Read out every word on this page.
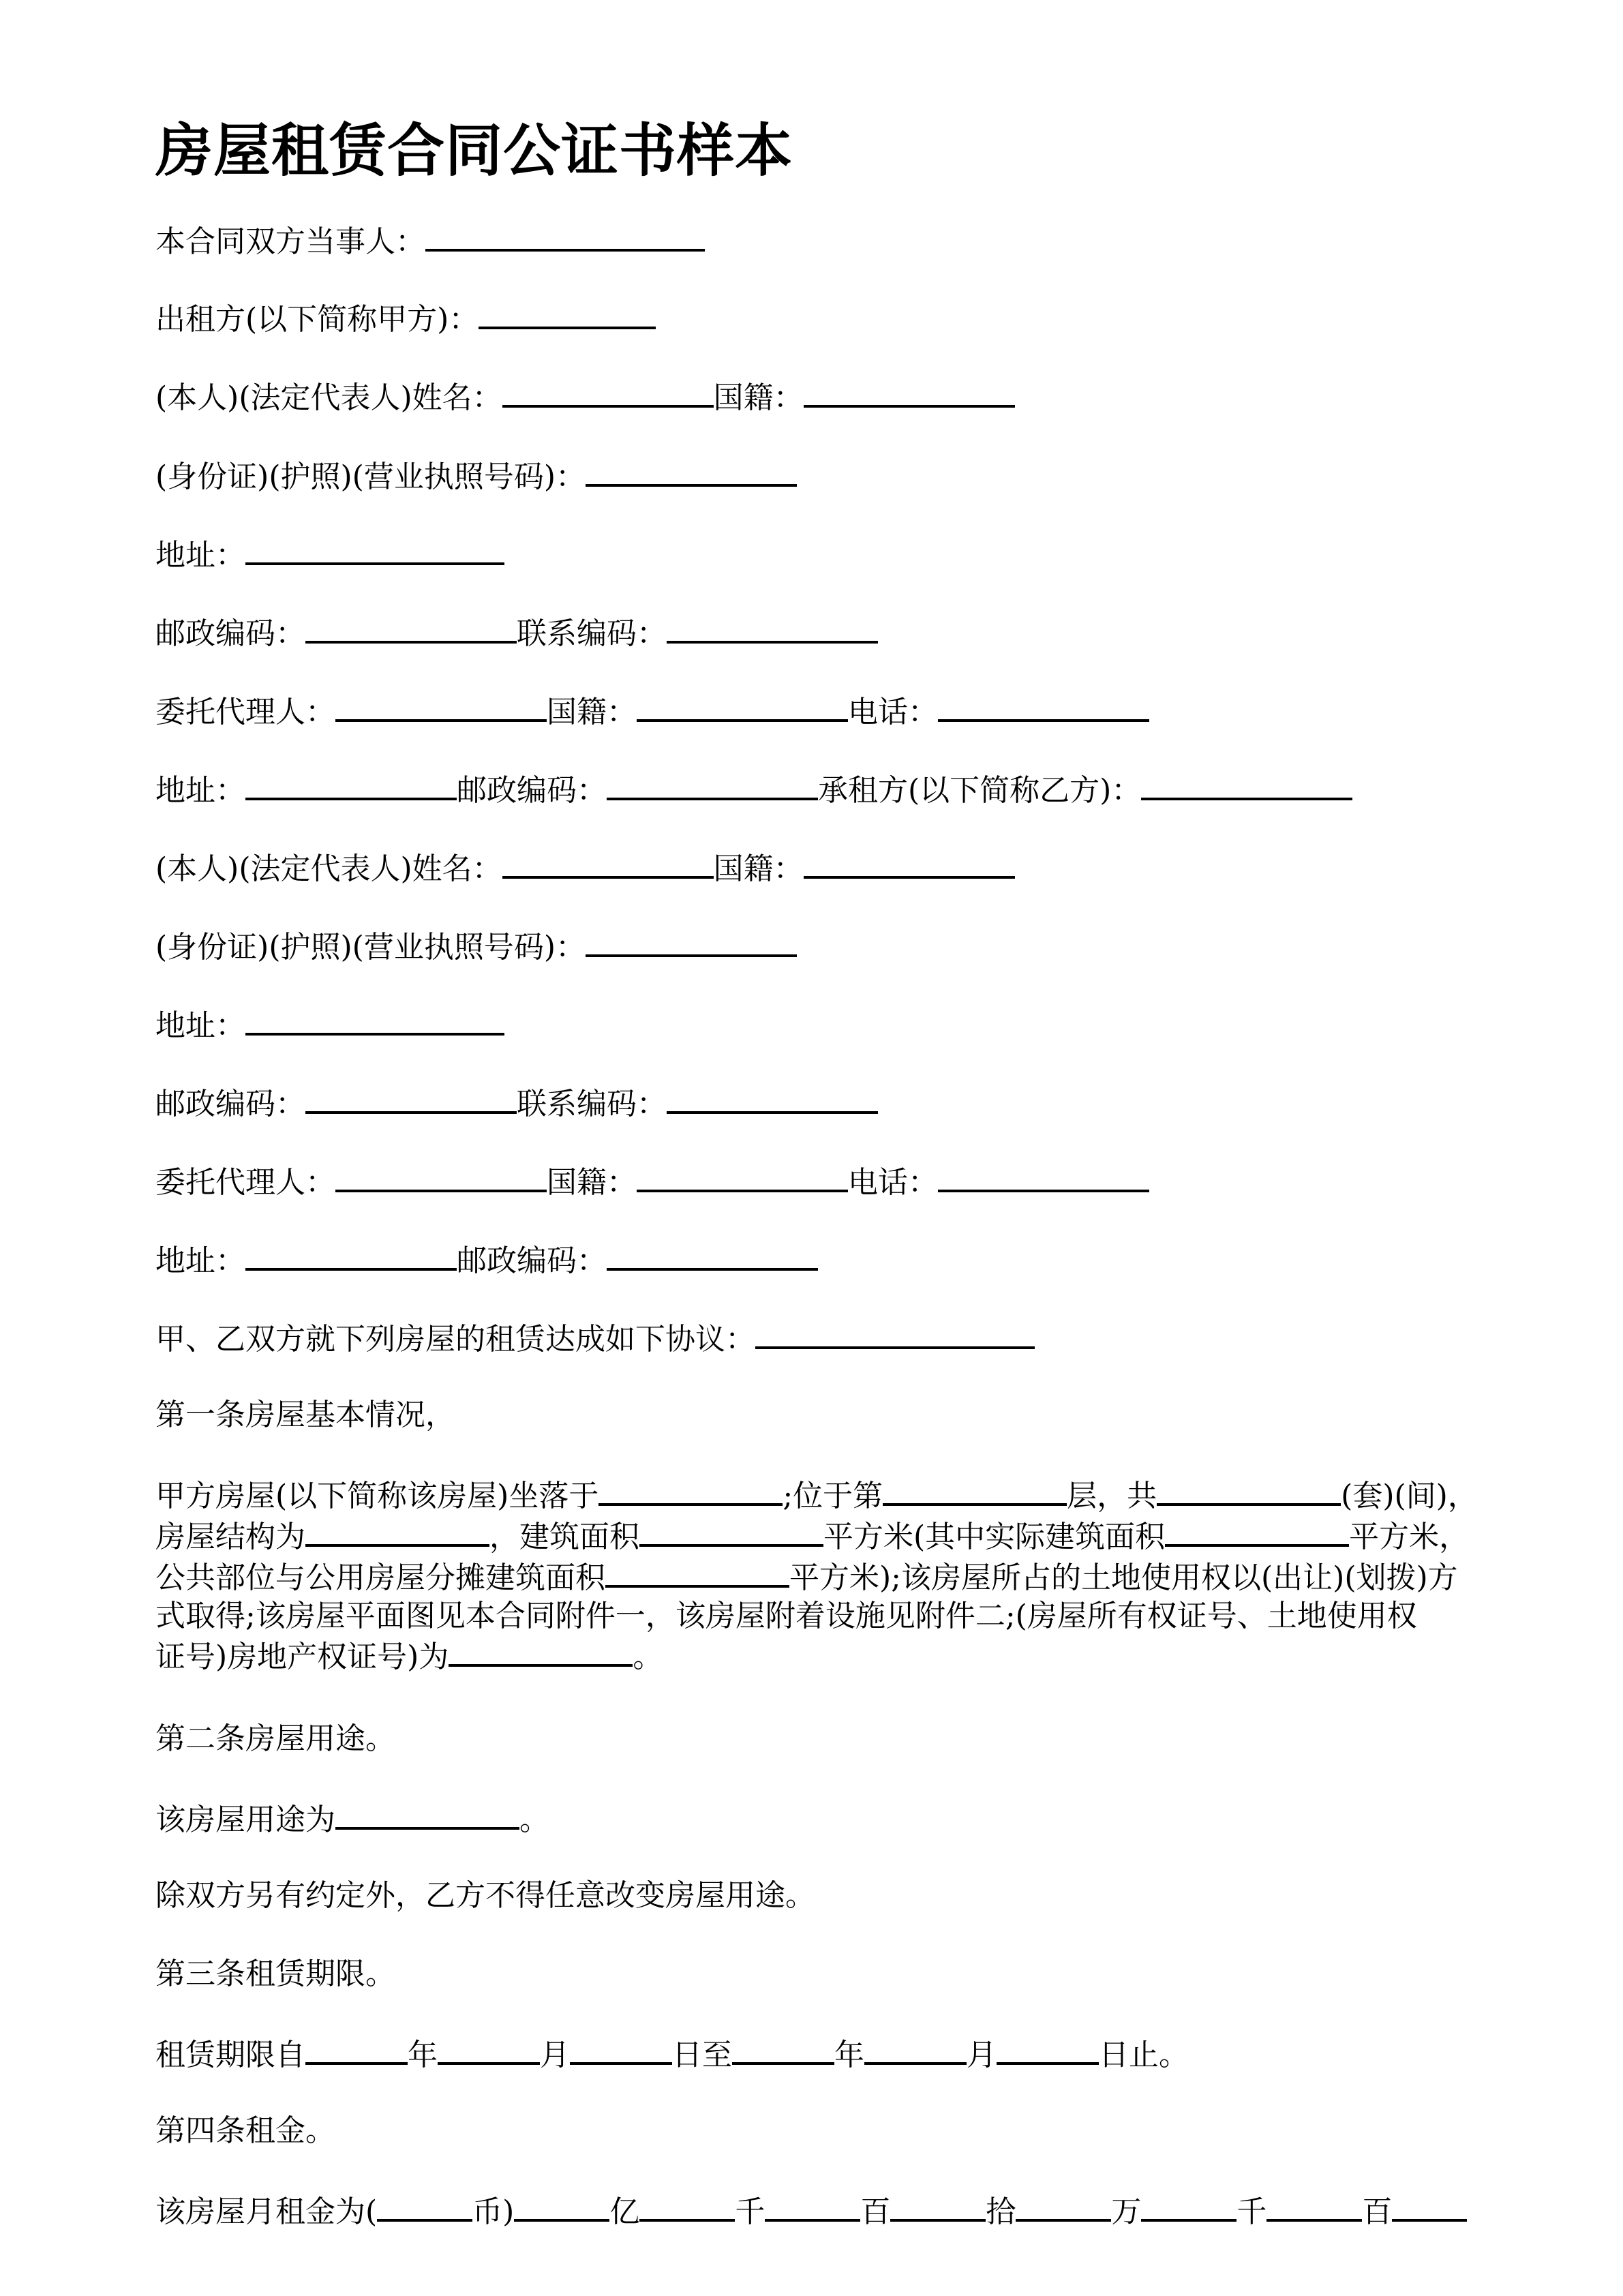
房屋租赁合同公证书样本
本合同双方当事人：
出租方(以下简称甲方)：
(本人)(法定代表人)姓名：	国籍：
(身份证)(护照)(营业执照号码)：
地址：
邮政编码：	联系编码：
委托代理人：	国籍：	电话：
地址：	邮政编码：	承租方(以下简称乙方)：
(本人)(法定代表人)姓名：	国籍：
(身份证)(护照)(营业执照号码)：
地址：
邮政编码：	联系编码：
委托代理人：	国籍：	电话：
地址：	邮政编码：
甲、乙双方就下列房屋的租赁达成如下协议：
第一条房屋基本情况，
甲方房屋(以下简称该房屋)坐落于	;位于第	层，共	(套)(间)，
房屋结构为	，建筑面积	平方米(其中实际建筑面积	平方米，
公共部位与公用房屋分摊建筑面积	平方米);该房屋所占的土地使用权以(出让)(划拨)方
式取得;该房屋平面图见本合同附件一，该房屋附着设施见附件二;(房屋所有权证号、土地使用权
证号)房地产权证号)为	。
第二条房屋用途。
该房屋用途为	。
除双方另有约定外，乙方不得任意改变房屋用途。
第三条租赁期限。
租赁期限自	年	月	日至	年	月	日止。
第四条租金。
该房屋月租金为(	币)	亿	千	百	拾	万	千	百
